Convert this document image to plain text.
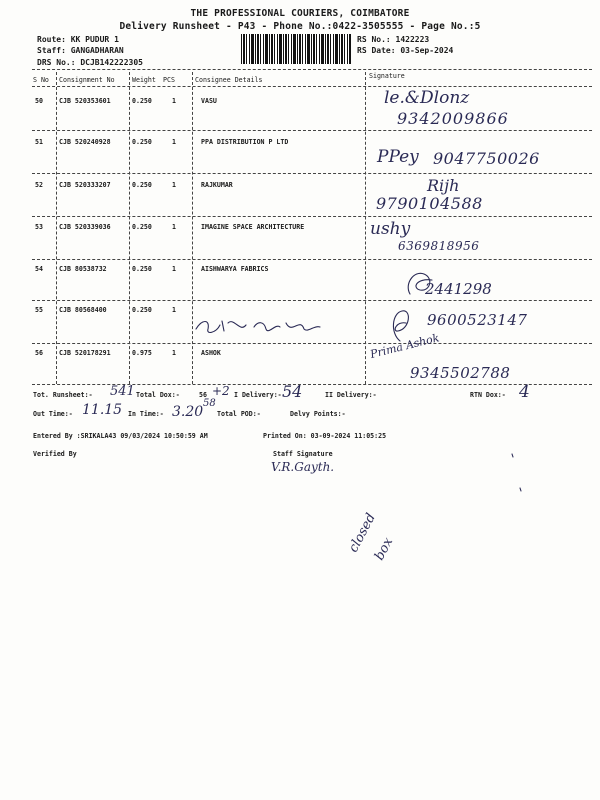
THE PROFESSIONAL COURIERS, COIMBATORE
Delivery Runsheet - P43 - Phone No.:0422-3505555 - Page No.:5
Route: KK PUDUR 1
Staff: GANGADHARAN
DRS No.: DCJB142222305
RS No.: 1422223
RS Date: 03-Sep-2024
S No Consignment No	Weight PCS	Consignee Details	Signature
50 CJB 520353601	0.250	1	VASU	le.&Dlonz
9342009866
51 CJB 520240928	0.250	1	PPA DISTRIBUTION P LTD
PPey 9047750026
52 CJB 520333207	0.250	1	RAJKUMAR	Rijh
9790104588
53 CJB 520339036	0.250	1	IMAGINE SPACE ARCHITECTURE	ushy
6369818956
54 CJB 80538732	0.250	1	AISHWARYA FABRICS
2441298
55 CJB 80568400	0.250	1
9600523147
56 CJB 520178291	0.975	1	ASHOK	Prima Ashok
9345502788
Tot. Runsheet:- 541 Total Dox:-	56 +2
58
I Delivery:- 54	II Delivery:-	RTN Dox:- 4
Out Time:- 11.15 In Time:- 3.20 Total POD:-	Delvy Points:-
Entered By :SRIKALA43 09/03/2024 10:50:59 AM	Printed On: 03-09-2024 11:05:25
Verified By	Staff Signature
V.R.Gayth.
closed
box
